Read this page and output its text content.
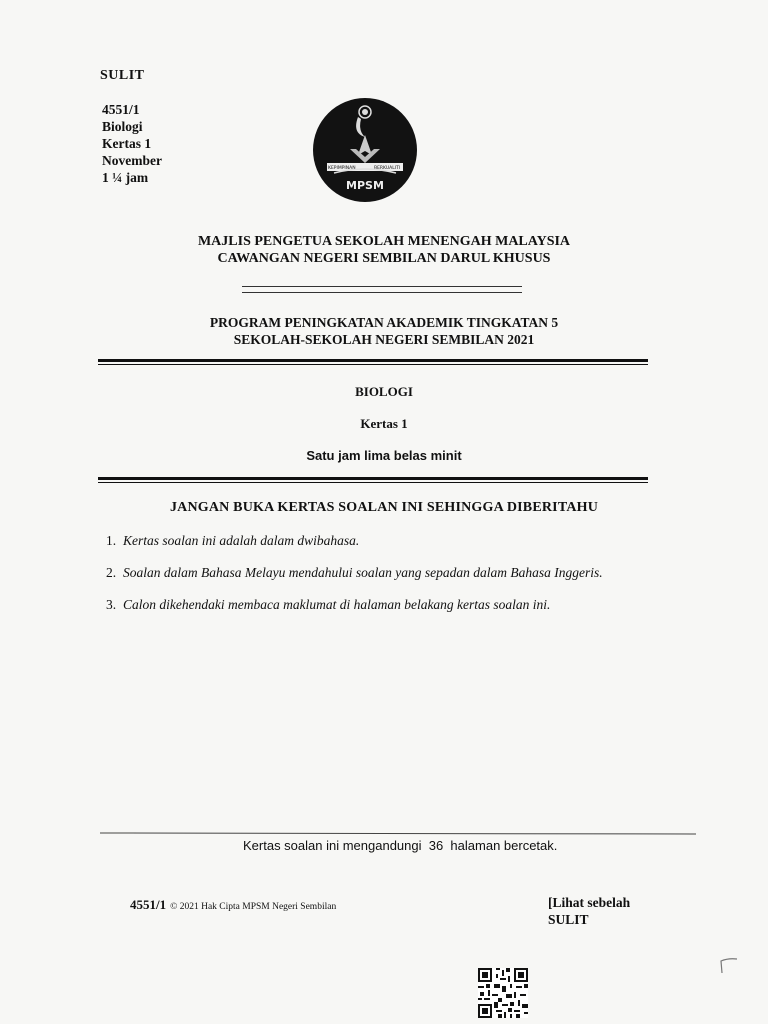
SULIT
4551/1
Biologi
Kertas 1
November
1 ¼ jam
KEPIMPINAN	BERKUALITI
MPSM
MAJLIS PENGETUA SEKOLAH MENENGAH MALAYSIA
CAWANGAN NEGERI SEMBILAN DARUL KHUSUS
PROGRAM PENINGKATAN AKADEMIK TINGKATAN 5
SEKOLAH-SEKOLAH NEGERI SEMBILAN 2021
BIOLOGI
Kertas 1
Satu jam lima belas minit
JANGAN BUKA KERTAS SOALAN INI SEHINGGA DIBERITAHU
1. Kertas soalan ini adalah dalam dwibahasa.
2. Soalan dalam Bahasa Melayu mendahului soalan yang sepadan dalam Bahasa Inggeris.
3. Calon dikehendaki membaca maklumat di halaman belakang kertas soalan ini.
Kertas soalan ini mengandungi  36  halaman bercetak.
4551/1 © 2021 Hak Cipta MPSM Negeri Sembilan	[Lihat sebelah
SULIT
